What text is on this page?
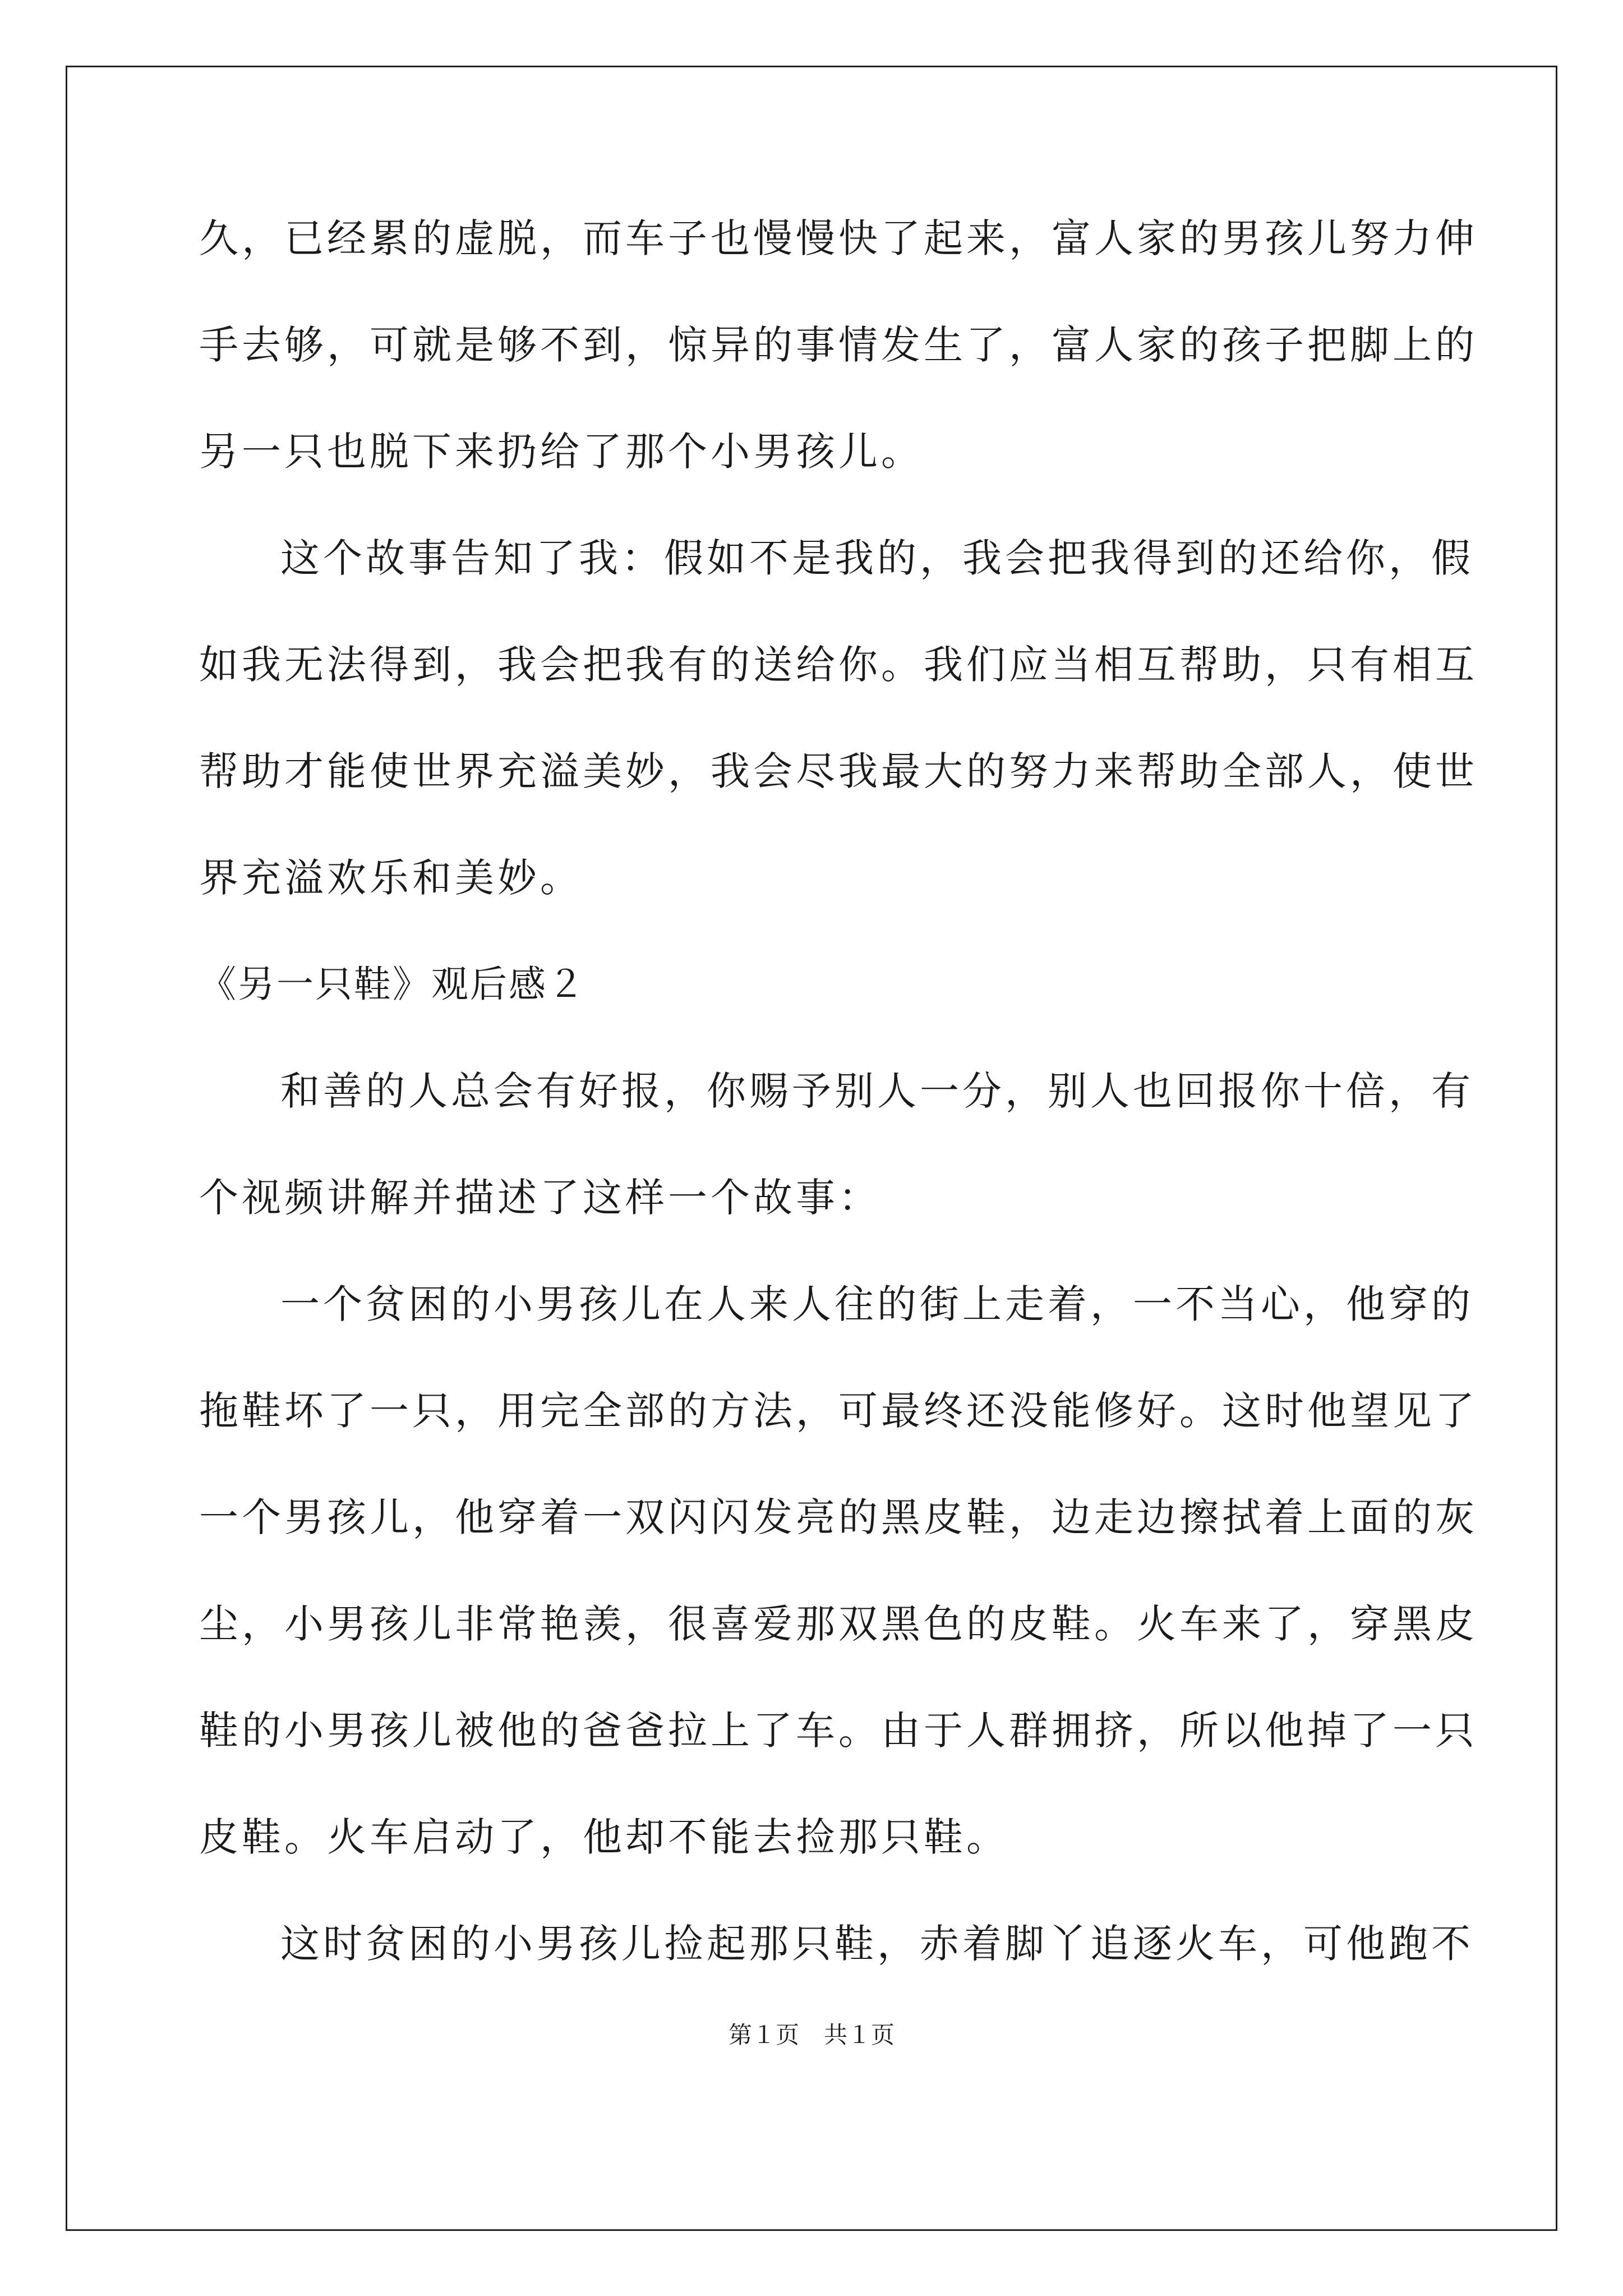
久，已经累的虚脱，而车子也慢慢快了起来，富人家的男孩儿努力伸
手去够，可就是够不到，惊异的事情发生了，富人家的孩子把脚上的
另一只也脱下来扔给了那个小男孩儿。
这个故事告知了我：假如不是我的，我会把我得到的还给你，假
如我无法得到，我会把我有的送给你。我们应当相互帮助，只有相互
帮助才能使世界充溢美妙，我会尽我最大的努力来帮助全部人，使世
界充溢欢乐和美妙。
《另一只鞋》观后感２
和善的人总会有好报，你赐予别人一分，别人也回报你十倍，有
个视频讲解并描述了这样一个故事：
一个贫困的小男孩儿在人来人往的街上走着，一不当心，他穿的
拖鞋坏了一只，用完全部的方法，可最终还没能修好。这时他望见了
一个男孩儿，他穿着一双闪闪发亮的黑皮鞋，边走边擦拭着上面的灰
尘，小男孩儿非常艳羡，很喜爱那双黑色的皮鞋。火车来了，穿黑皮
鞋的小男孩儿被他的爸爸拉上了车。由于人群拥挤，所以他掉了一只
皮鞋。火车启动了，他却不能去捡那只鞋。
这时贫困的小男孩儿捡起那只鞋，赤着脚丫追逐火车，可他跑不
第１页 共１页
